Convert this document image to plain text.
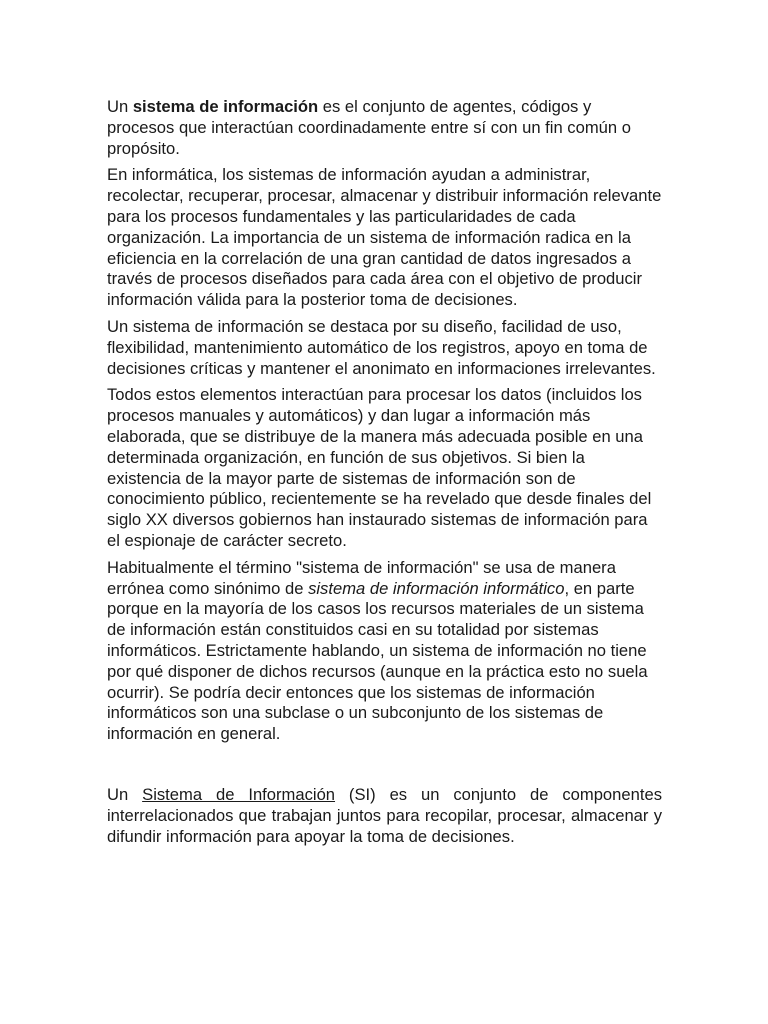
Un sistema de información es el conjunto de agentes, códigos y procesos que interactúan coordinadamente entre sí con un fin común o propósito.

En informática, los sistemas de información ayudan a administrar, recolectar, recuperar, procesar, almacenar y distribuir información relevante para los procesos fundamentales y las particularidades de cada organización. La importancia de un sistema de información radica en la eficiencia en la correlación de una gran cantidad de datos ingresados a través de procesos diseñados para cada área con el objetivo de producir información válida para la posterior toma de decisiones.

Un sistema de información se destaca por su diseño, facilidad de uso, flexibilidad, mantenimiento automático de los registros, apoyo en toma de decisiones críticas y mantener el anonimato en informaciones irrelevantes.

Todos estos elementos interactúan para procesar los datos (incluidos los procesos manuales y automáticos) y dan lugar a información más elaborada, que se distribuye de la manera más adecuada posible en una determinada organización, en función de sus objetivos. Si bien la existencia de la mayor parte de sistemas de información son de conocimiento público, recientemente se ha revelado que desde finales del siglo XX diversos gobiernos han instaurado sistemas de información para el espionaje de carácter secreto.

Habitualmente el término "sistema de información" se usa de manera errónea como sinónimo de sistema de información informático, en parte porque en la mayoría de los casos los recursos materiales de un sistema de información están constituidos casi en su totalidad por sistemas informáticos. Estrictamente hablando, un sistema de información no tiene por qué disponer de dichos recursos (aunque en la práctica esto no suela ocurrir). Se podría decir entonces que los sistemas de información informáticos son una subclase o un subconjunto de los sistemas de información en general.

Un Sistema de Información (SI) es un conjunto de componentes interrelacionados que trabajan juntos para recopilar, procesar, almacenar y difundir información para apoyar la toma de decisiones.
